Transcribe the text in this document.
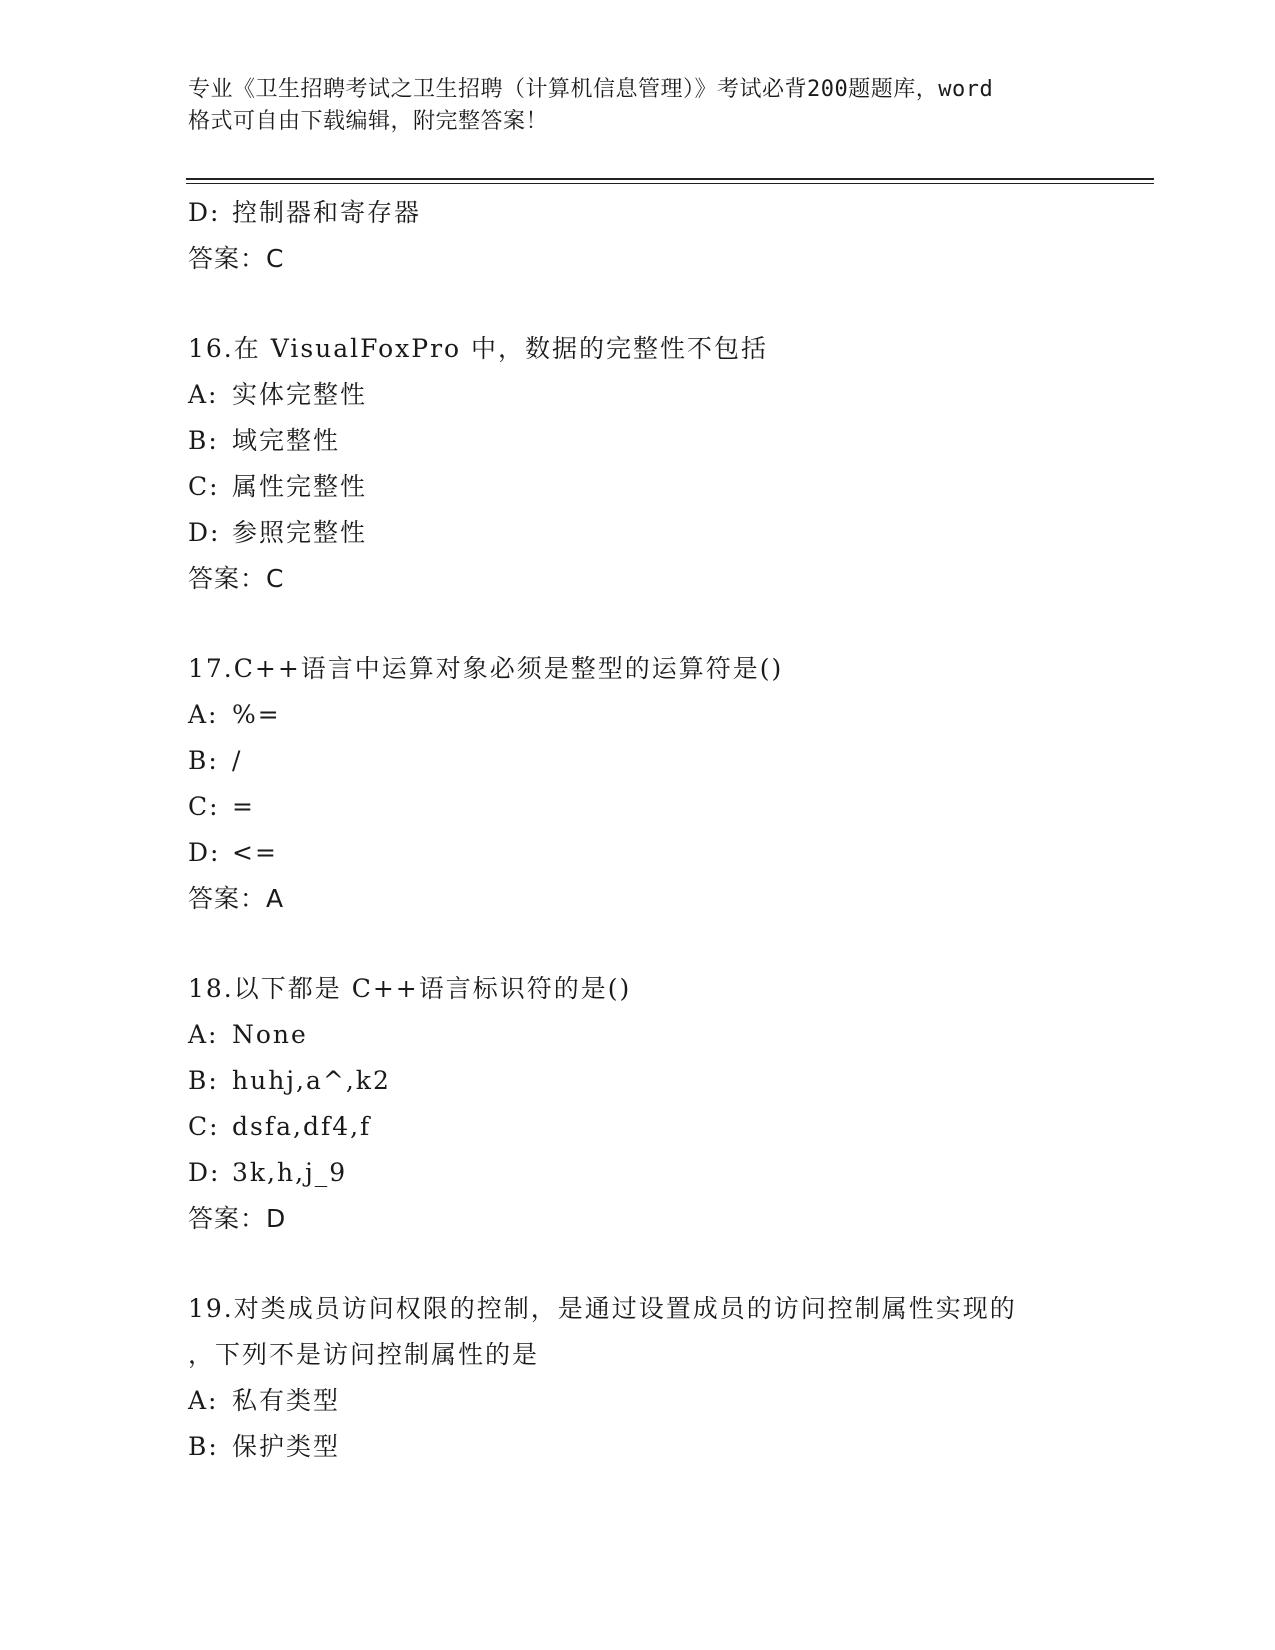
专业《卫生招聘考试之卫生招聘（计算机信息管理）》考试必背200题题库，word
格式可自由下载编辑，附完整答案！
D: 控制器和寄存器
答案：C
16.在 VisualFoxPro 中，数据的完整性不包括
A: 实体完整性
B: 域完整性
C: 属性完整性
D: 参照完整性
答案：C
17.C++语言中运算对象必须是整型的运算符是()
A: %=
B: /
C: =
D: <=
答案：A
18.以下都是 C++语言标识符的是()
A: None
B: huhj,a^,k2
C: dsfa,df4,f
D: 3k,h,j_9
答案：D
19.对类成员访问权限的控制，是通过设置成员的访问控制属性实现的
，下列不是访问控制属性的是
A: 私有类型
B: 保护类型
